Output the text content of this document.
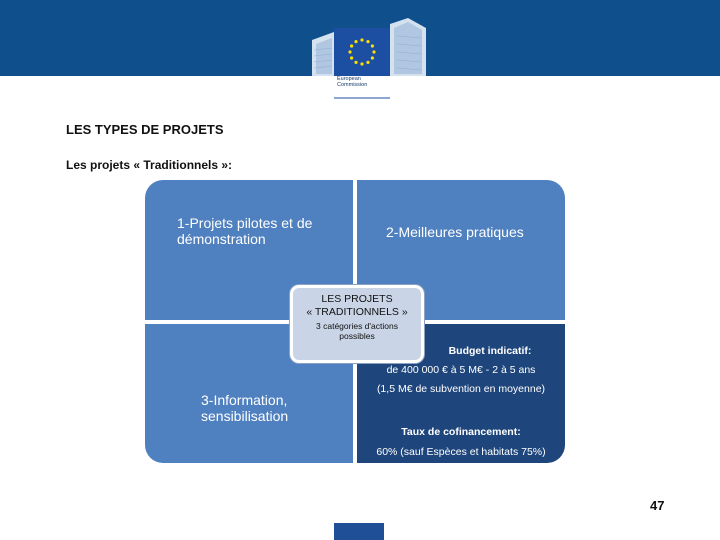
European
Commission
LES TYPES DE PROJETS
Les projets « Traditionnels »:
1-Projets pilotes et de
démonstration	2-Meilleures pratiques
3-Information,
sensibilisation
Budget indicatif:
de 400 000 € à 5 M€ - 2 à 5 ans
(1,5 M€ de subvention en moyenne)
Taux de cofinancement:
60% (sauf Espèces et habitats 75%)
LES PROJETS
« TRADITIONNELS »
3 catégories d'actions
possibles
47
